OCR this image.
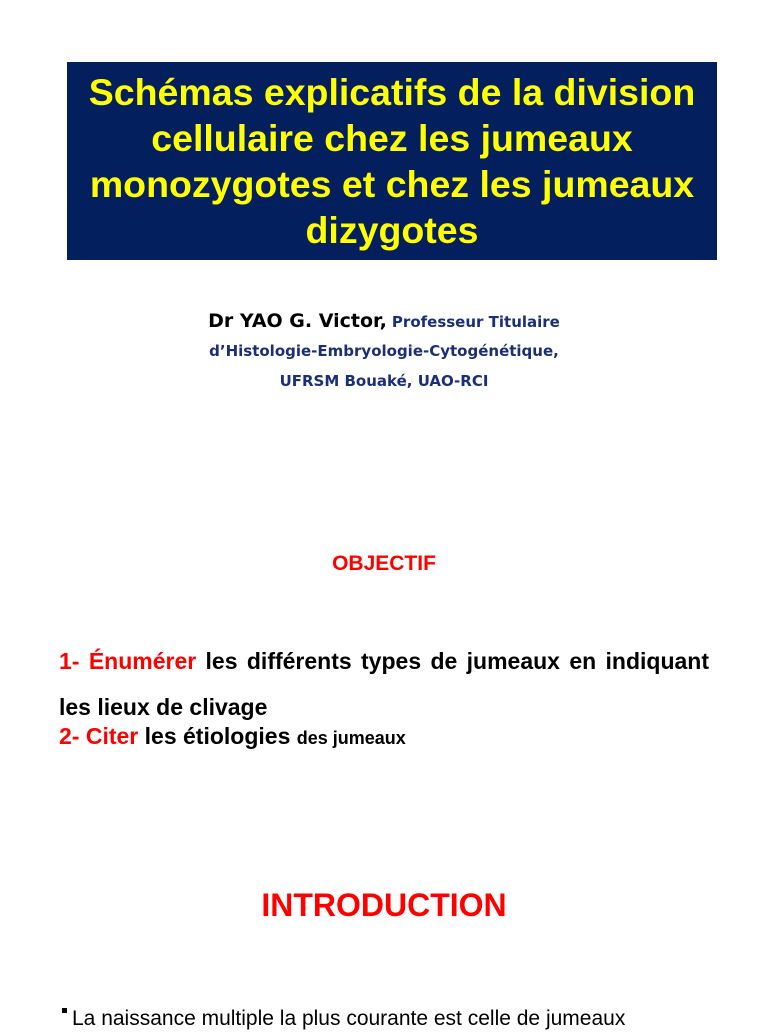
Schémas explicatifs de la division cellulaire chez les jumeaux monozygotes et chez les jumeaux dizygotes
Dr YAO G. Victor, Professeur Titulaire
d’Histologie-Embryologie-Cytogénétique,
UFRSM Bouaké, UAO-RCI
OBJECTIF
1- Énumérer les différents types de jumeaux en indiquant les lieux de clivage
2- Citer les étiologies des jumeaux
INTRODUCTION
La naissance multiple la plus courante est celle de jumeaux
